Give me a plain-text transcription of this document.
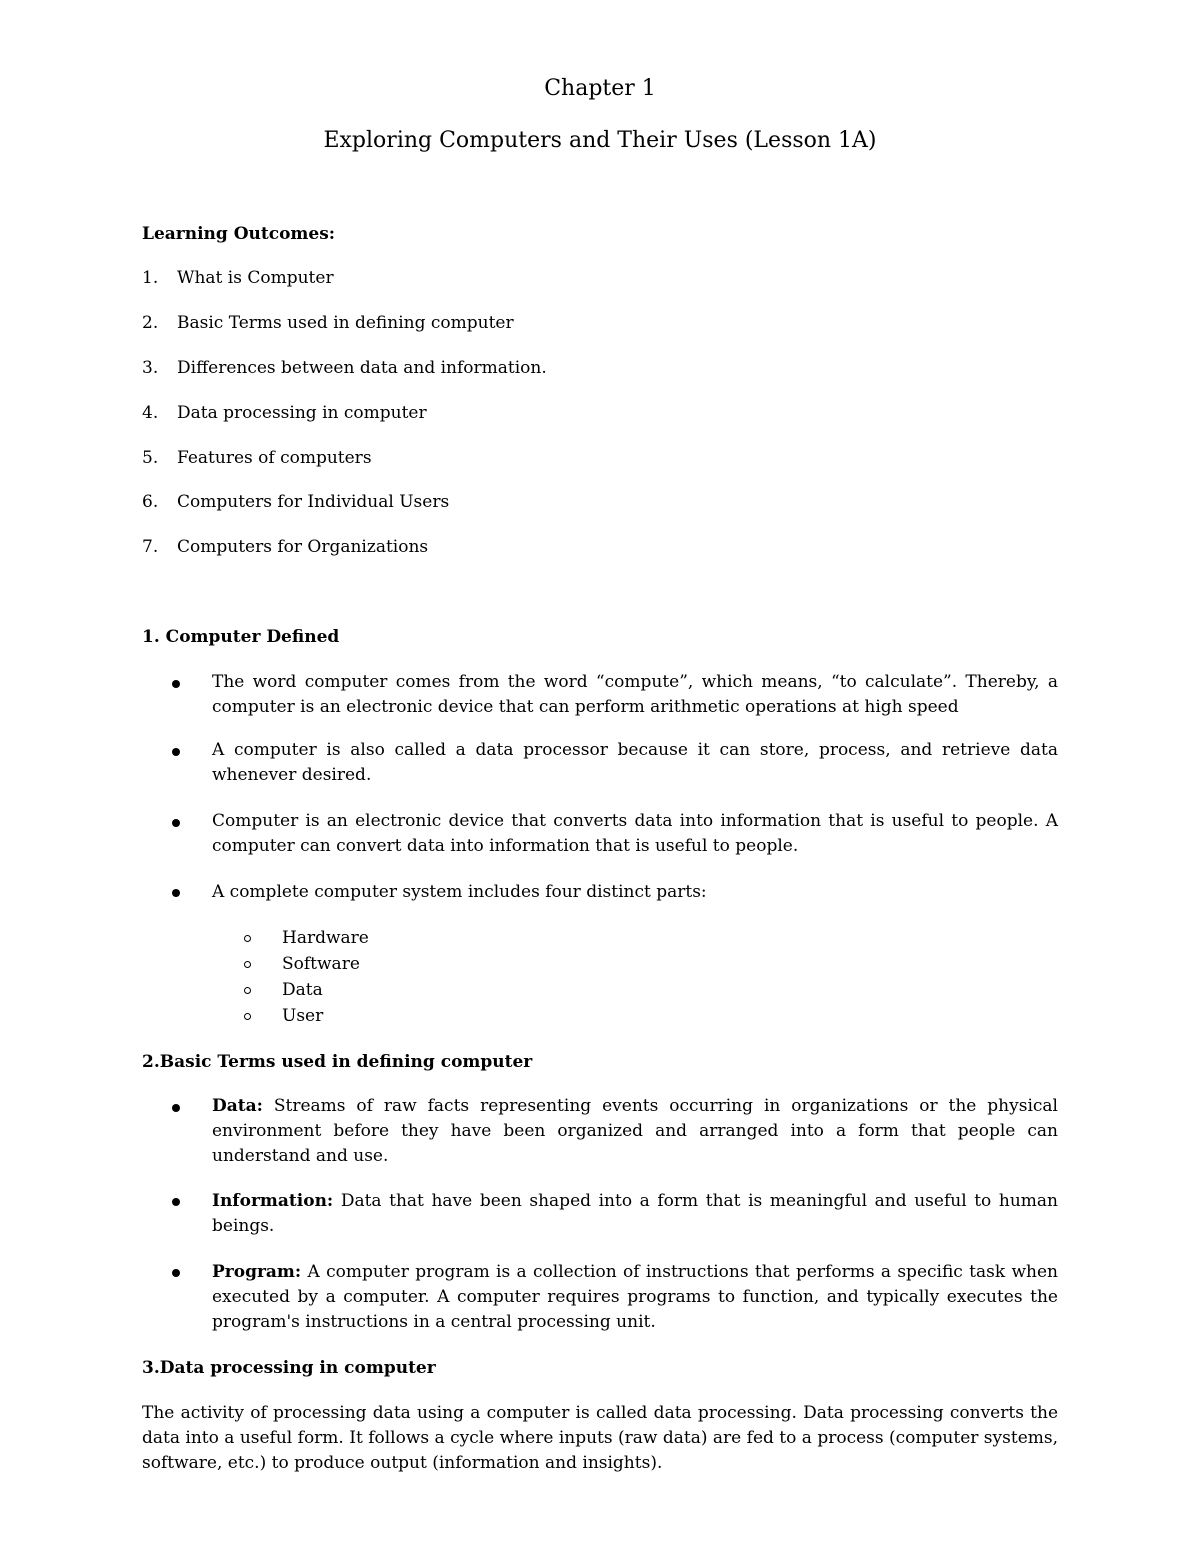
Chapter 1
Exploring Computers and Their Uses (Lesson 1A)
Learning Outcomes:
1. What is Computer
2. Basic Terms used in defining computer
3. Differences between data and information.
4. Data processing in computer
5. Features of computers
6. Computers for Individual Users
7. Computers for Organizations
1. Computer Defined
The word computer comes from the word “compute”, which means, “to calculate”. Thereby, a computer is an electronic device that can perform arithmetic operations at high speed
A computer is also called a data processor because it can store, process, and retrieve data whenever desired.
Computer is an electronic device that converts data into information that is useful to people. A computer can convert data into information that is useful to people.
A complete computer system includes four distinct parts:
Hardware
Software
Data
User
2.Basic Terms used in defining computer
Data: Streams of raw facts representing events occurring in organizations or the physical environment before they have been organized and arranged into a form that people can understand and use.
Information: Data that have been shaped into a form that is meaningful and useful to human beings.
Program: A computer program is a collection of instructions that performs a specific task when executed by a computer. A computer requires programs to function, and typically executes the program's instructions in a central processing unit.
3.Data processing in computer
The activity of processing data using a computer is called data processing. Data processing converts the data into a useful form. It follows a cycle where inputs (raw data) are fed to a process (computer systems, software, etc.) to produce output (information and insights).
